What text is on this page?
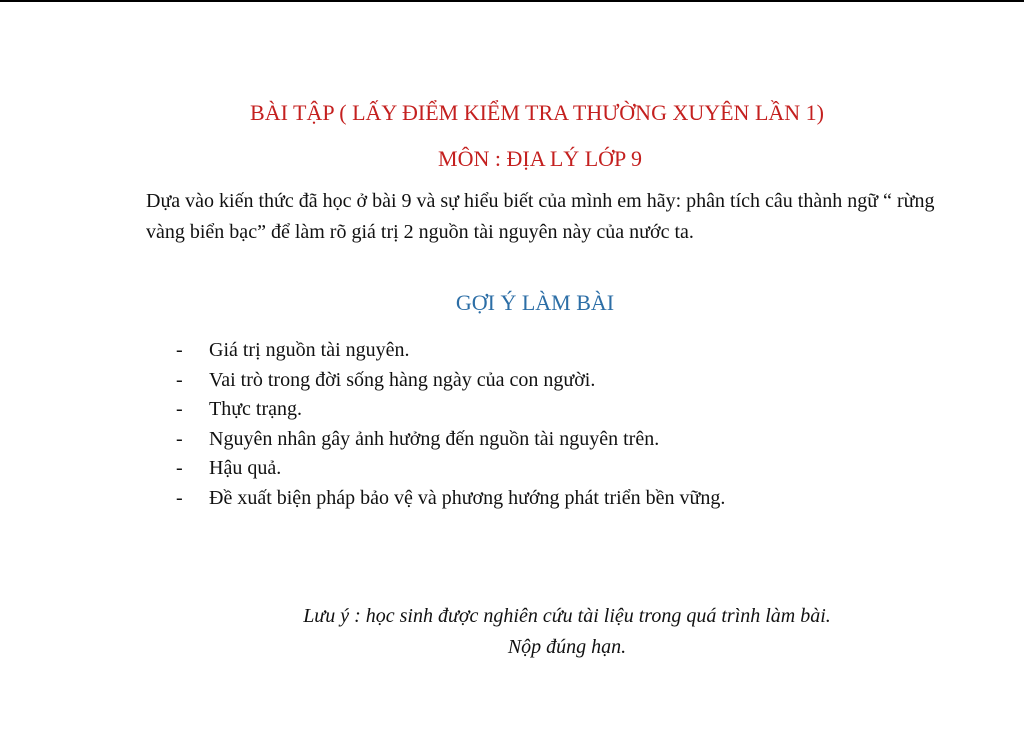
BÀI TẬP ( LẤY ĐIỂM KIỂM TRA THƯỜNG XUYÊN LẦN 1)
MÔN : ĐỊA LÝ LỚP 9
Dựa vào kiến thức đã học ở bài 9 và sự hiểu biết của mình em hãy: phân tích câu thành ngữ “ rừng vàng biển bạc” để làm rõ giá trị 2 nguồn tài nguyên này của nước ta.
GỢI Ý LÀM BÀI
- Giá trị nguồn tài nguyên.
- Vai trò trong đời sống hàng ngày của con người.
- Thực trạng.
- Nguyên nhân gây ảnh hưởng đến nguồn tài nguyên trên.
- Hậu quả.
- Đề xuất biện pháp bảo vệ và phương hướng phát triển bền vững.
Lưu ý : học sinh được nghiên cứu tài liệu trong quá trình làm bài.
Nộp đúng hạn.
